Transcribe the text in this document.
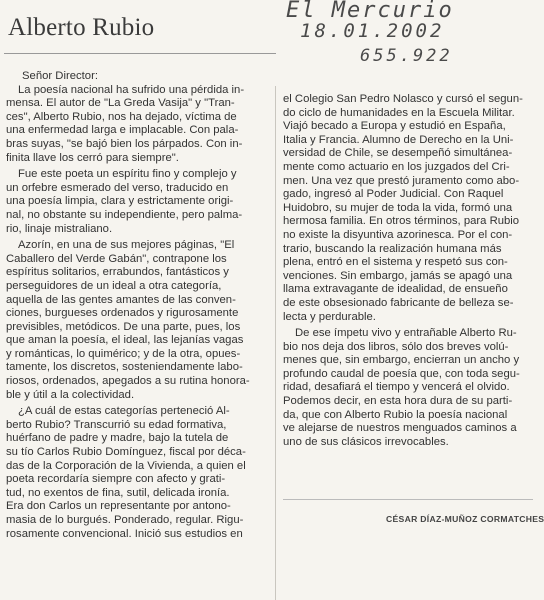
Alberto Rubio
El Mercurio
18.01.2002
655.922
Señor Director:
La poesía nacional ha sufrido una pérdida in-
mensa. El autor de "La Greda Vasija" y "Tran-
ces", Alberto Rubio, nos ha dejado, víctima de
una enfermedad larga e implacable. Con pala-
bras suyas, "se bajó bien los párpados. Con in-
finita llave los cerró para siempre".
Fue este poeta un espíritu fino y complejo y
un orfebre esmerado del verso, traducido en
una poesía limpia, clara y estrictamente origi-
nal, no obstante su independiente, pero palma-
rio, linaje mistraliano.
Azorín, en una de sus mejores páginas, "El
Caballero del Verde Gabán", contrapone los
espíritus solitarios, errabundos, fantásticos y
perseguidores de un ideal a otra categoría,
aquella de las gentes amantes de las conven-
ciones, burgueses ordenados y rigurosamente
previsibles, metódicos. De una parte, pues, los
que aman la poesía, el ideal, las lejanías vagas
y románticas, lo quimérico; y de la otra, opues-
tamente, los discretos, sosteniendamente labo-
riosos, ordenados, apegados a su rutina honora-
ble y útil a la colectividad.
¿A cuál de estas categorías perteneció Al-
berto Rubio? Transcurrió su edad formativa,
huérfano de padre y madre, bajo la tutela de
su tío Carlos Rubio Domínguez, fiscal por déca-
das de la Corporación de la Vivienda, a quien el
poeta recordaría siempre con afecto y grati-
tud, no exentos de fina, sutil, delicada ironía.
Era don Carlos un representante por antono-
masia de lo burgués. Ponderado, regular. Rigu-
rosamente convencional. Inició sus estudios en
el Colegio San Pedro Nolasco y cursó el segun-
do ciclo de humanidades en la Escuela Militar.
Viajó becado a Europa y estudió en España,
Italia y Francia. Alumno de Derecho en la Uni-
versidad de Chile, se desempeñó simultánea-
mente como actuario en los juzgados del Cri-
men. Una vez que prestó juramento como abo-
gado, ingresó al Poder Judicial. Con Raquel
Huidobro, su mujer de toda la vida, formó una
hermosa familia. En otros términos, para Rubio
no existe la disyuntiva azorinesca. Por el con-
trario, buscando la realización humana más
plena, entró en el sistema y respetó sus con-
venciones. Sin embargo, jamás se apagó una
llama extravagante de idealidad, de ensueño
de este obsesionado fabricante de belleza se-
lecta y perdurable.
De ese ímpetu vivo y entrañable Alberto Ru-
bio nos deja dos libros, sólo dos breves volú-
menes que, sin embargo, encierran un ancho y
profundo caudal de poesía que, con toda segu-
ridad, desafiará el tiempo y vencerá el olvido.
Podemos decir, en esta hora dura de su parti-
da, que con Alberto Rubio la poesía nacional
ve alejarse de nuestros menguados caminos a
uno de sus clásicos irrevocables.
CÉSAR DÍAZ-MUÑOZ CORMATCHES
